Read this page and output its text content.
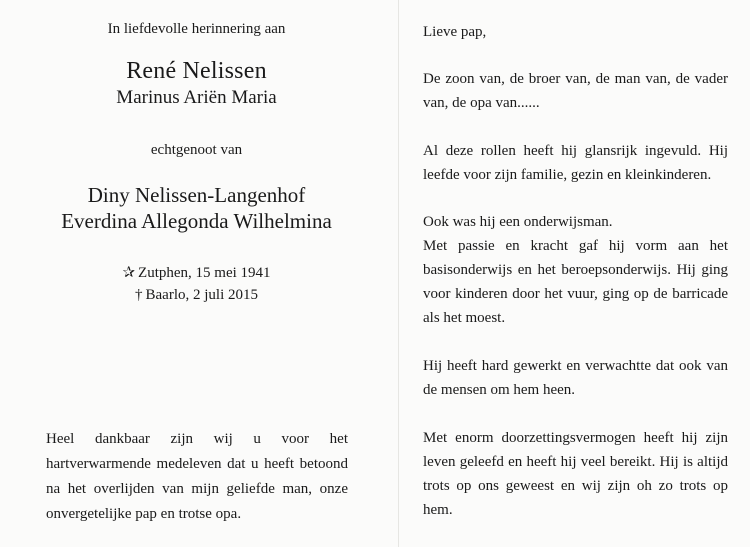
In liefdevolle herinnering aan
René Nelissen
Marinus Ariën Maria
echtgenoot van
Diny Nelissen-Langenhof
Everdina Allegonda Wilhelmina
✰ Zutphen, 15 mei 1941
† Baarlo, 2 juli 2015
Heel dankbaar zijn wij u voor het hartverwarmende medeleven dat u heeft betoond na het overlijden van mijn geliefde man, onze onvergetelijke pap en trotse opa.
Lieve pap,
De zoon van, de broer van, de man van, de vader van, de opa van......
Al deze rollen heeft hij glansrijk ingevuld. Hij leefde voor zijn familie, gezin en kleinkinderen.
Ook was hij een onderwijsman.
Met passie en kracht gaf hij vorm aan het basisonderwijs en het beroepsonderwijs. Hij ging voor kinderen door het vuur, ging op de barricade als het moest.
Hij heeft hard gewerkt en verwachtte dat ook van de mensen om hem heen.
Met enorm doorzettingsvermogen heeft hij zijn leven geleefd en heeft hij veel bereikt. Hij is altijd trots op ons geweest en wij zijn oh zo trots op hem.
